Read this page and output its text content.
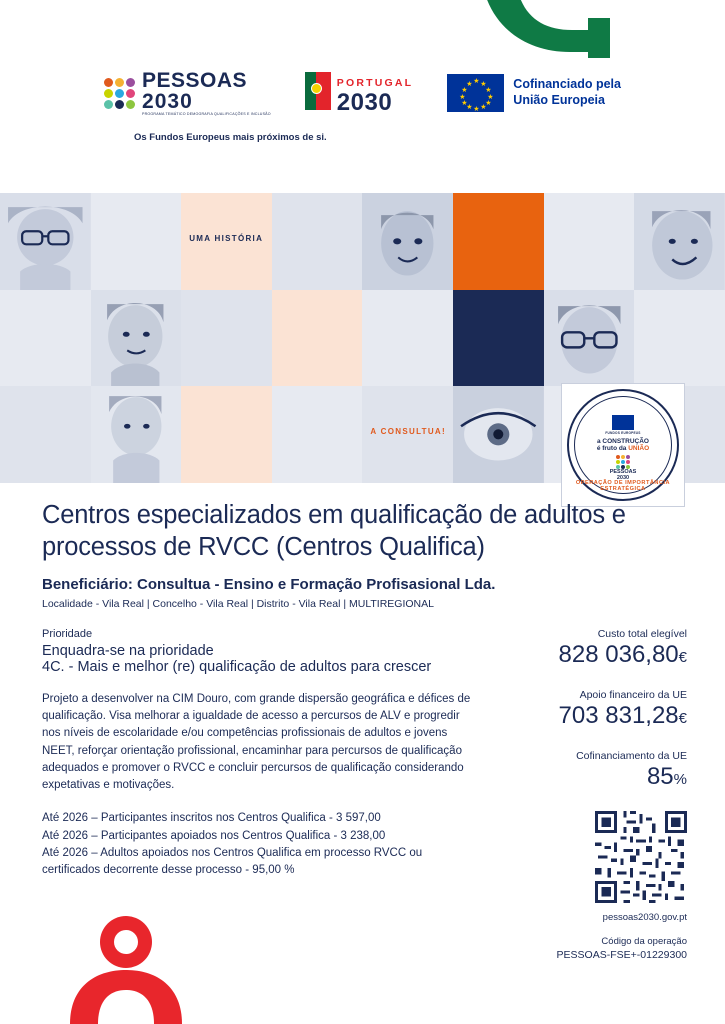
PESSOAS
2030
PROGRAMA TEMÁTICO DEMOGRAFIA QUALIFICAÇÕES E INCLUSÃO
PORTUGAL
2030
★ ★
★
★
★
★
★
★
★
★
★
★	Cofinanciado pela
União Europeia
Os Fundos Europeus mais próximos de si.
UMA HISTÓRIA
A CONSULTUA!	FUNDOS EUROPEUS
a CONSTRUÇÃO
é fruto da UNIÃO
PESSOAS
2030
OPERAÇÃO DE IMPORTÂNCIA ESTRATÉGICA
Centros especializados em qualificação de adultos e processos de RVCC (Centros Qualifica)
Beneficiário: Consultua - Ensino e Formação Profisasional Lda.
Localidade - Vila Real | Concelho - Vila Real | Distrito - Vila Real | MULTIREGIONAL
Prioridade
Enquadra-se na prioridade
4C. - Mais e melhor (re) qualificação de adultos para crescer

Projeto a desenvolver na CIM Douro, com grande dispersão geográfica e défices de qualificação. Visa melhorar a igualdade de acesso a percursos de ALV e progredir nos níveis de escolaridade e/ou competências profissionais de adultos e jovens NEET, reforçar orientação profissional, encaminhar para percursos de qualificação adequados e promover o RVCC e concluir percursos de qualificação considerando expetativas e motivações.

Até 2026 – Participantes inscritos nos Centros Qualifica - 3 597,00
Até 2026 – Participantes apoiados nos Centros Qualifica - 3 238,00
Até 2026 – Adultos apoiados nos Centros Qualifica em processo RVCC ou certificados decorrente desse processo - 95,00 %
Custo total elegível
828 036,80€
Apoio financeiro da UE
703 831,28€
Cofinanciamento da UE
85%
pessoas2030.gov.pt
Código da operação
PESSOAS-FSE+-01229300
